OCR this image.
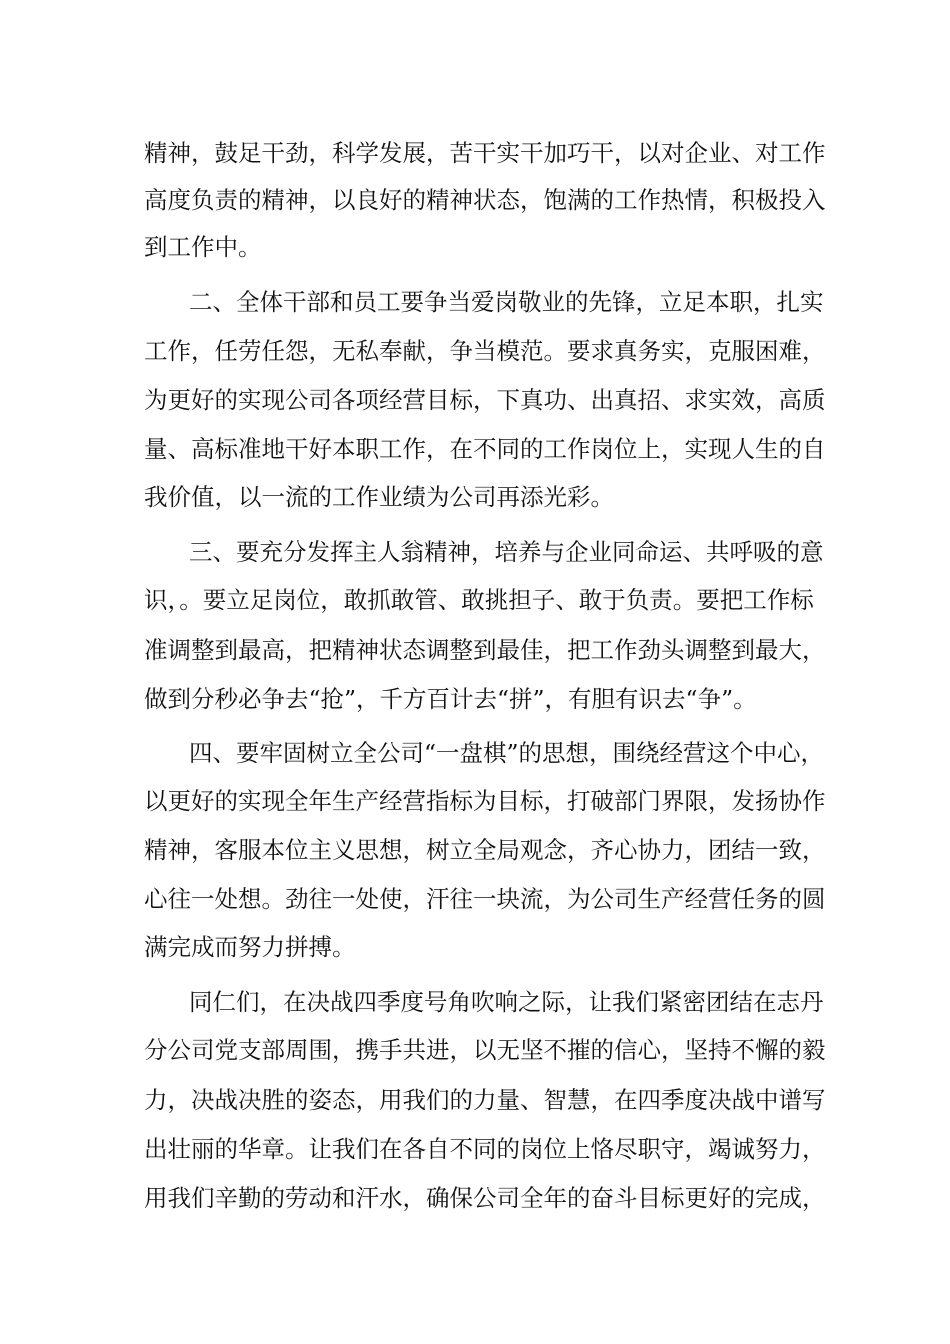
精神，鼓足干劲，科学发展，苦干实干加巧干，以对企业、对工作
高度负责的精神，以良好的精神状态，饱满的工作热情，积极投入
到工作中。
二、全体干部和员工要争当爱岗敬业的先锋，立足本职，扎实
工作，任劳任怨，无私奉献，争当模范。要求真务实，克服困难，
为更好的实现公司各项经营目标，下真功、出真招、求实效，高质
量、高标准地干好本职工作，在不同的工作岗位上，实现人生的自
我价值，以一流的工作业绩为公司再添光彩。
三、要充分发挥主人翁精神，培养与企业同命运、共呼吸的意
识，。要立足岗位，敢抓敢管、敢挑担子、敢于负责。要把工作标
准调整到最高，把精神状态调整到最佳，把工作劲头调整到最大，
做到分秒必争去“抢”，千方百计去“拼”，有胆有识去“争”。
四、要牢固树立全公司“一盘棋”的思想，围绕经营这个中心，
以更好的实现全年生产经营指标为目标，打破部门界限，发扬协作
精神，客服本位主义思想，树立全局观念，齐心协力，团结一致，
心往一处想。劲往一处使，汗往一块流，为公司生产经营任务的圆
满完成而努力拼搏。
同仁们，在决战四季度号角吹响之际，让我们紧密团结在志丹
分公司党支部周围，携手共进，以无坚不摧的信心，坚持不懈的毅
力，决战决胜的姿态，用我们的力量、智慧，在四季度决战中谱写
出壮丽的华章。让我们在各自不同的岗位上恪尽职守，竭诚努力，
用我们辛勤的劳动和汗水，确保公司全年的奋斗目标更好的完成，
